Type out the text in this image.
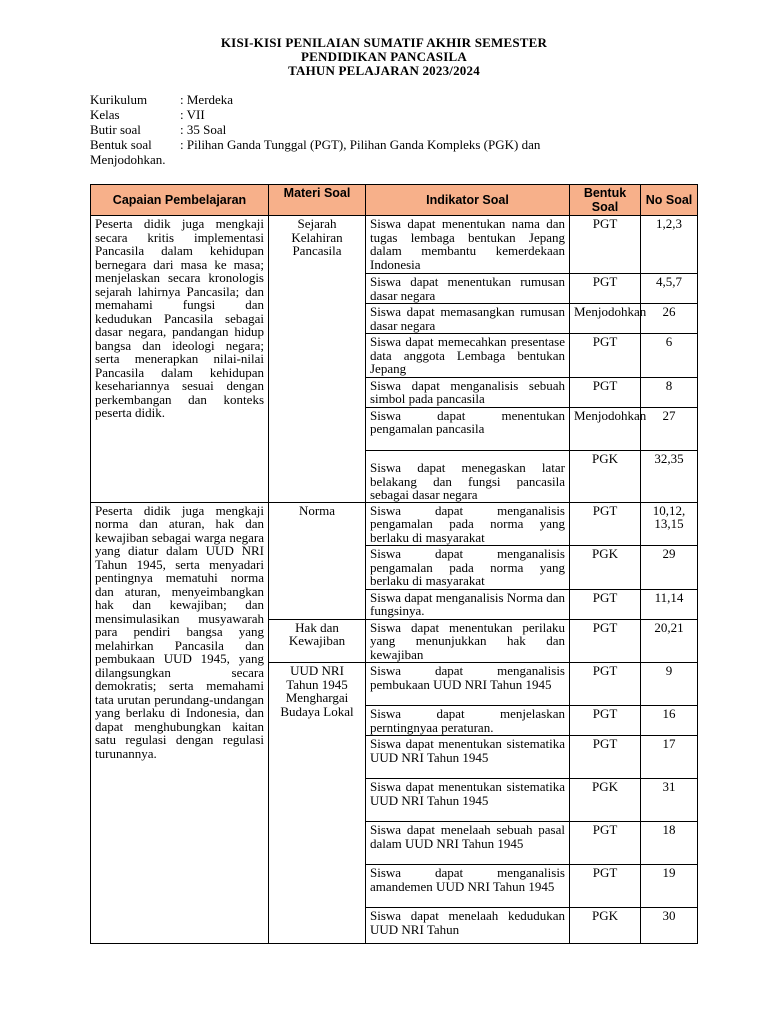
KISI-KISI PENILAIAN SUMATIF AKHIR SEMESTER
PENDIDIKAN PANCASILA
TAHUN PELAJARAN 2023/2024
Kurikulum	: Merdeka
Kelas	: VII
Butir soal	: 35 Soal
Bentuk soal	: Pilihan Ganda Tunggal (PGT), Pilihan Ganda Kompleks (PGK) dan
Menjodohkan.
Capaian Pembelajaran	Materi Soal	Indikator Soal	Bentuk Soal	No Soal
Peserta didik juga mengkaji secara kritis implementasi Pancasila dalam kehidupan bernegara dari masa ke masa; menjelaskan secara kronologis sejarah lahirnya Pancasila; dan memahami fungsi dan kedudukan Pancasila sebagai dasar negara, pandangan hidup bangsa dan ideologi negara; serta menerapkan nilai-nilai Pancasila dalam kehidupan kesehariannya sesuai dengan perkembangan dan konteks peserta didik.	Sejarah Kelahiran Pancasila	Siswa dapat menentukan nama dan tugas lembaga bentukan Jepang dalam membantu kemerdekaan Indonesia	PGT	1,2,3
		Siswa dapat menentukan rumusan dasar negara	PGT	4,5,7
		Siswa dapat memasangkan rumusan dasar negara	Menjodohkan	26
		Siswa dapat memecahkan presentase data anggota Lembaga bentukan Jepang	PGT	6
		Siswa dapat menganalisis sebuah simbol pada pancasila	PGT	8
		Siswa dapat menentukan pengamalan pancasila	Menjodohkan	27
		Siswa dapat menegaskan latar belakang dan fungsi pancasila sebagai dasar negara	PGK	32,35
Peserta didik juga mengkaji norma dan aturan, hak dan kewajiban sebagai warga negara yang diatur dalam UUD NRI Tahun 1945, serta menyadari pentingnya mematuhi norma dan aturan, menyeimbangkan hak dan kewajiban; dan mensimulasikan musyawarah para pendiri bangsa yang melahirkan Pancasila dan pembukaan UUD 1945, yang dilangsungkan secara demokratis; serta memahami tata urutan perundang-undangan yang berlaku di Indonesia, dan dapat menghubungkan kaitan satu regulasi dengan regulasi turunannya.	Norma	Siswa dapat menganalisis pengamalan pada norma yang berlaku di masyarakat	PGT	10,12, 13,15
		Siswa dapat menganalisis pengamalan pada norma yang berlaku di masyarakat	PGK	29
		Siswa dapat menganalisis Norma dan fungsinya.	PGT	11,14
	Hak dan Kewajiban	Siswa dapat menentukan perilaku yang menunjukkan hak dan kewajiban	PGT	20,21
	UUD NRI Tahun 1945 Menghargai Budaya Lokal	Siswa dapat menganalisis pembukaan UUD NRI Tahun 1945	PGT	9
		Siswa dapat menjelaskan perntingnyaa peraturan.	PGT	16
		Siswa dapat menentukan sistematika UUD NRI Tahun 1945	PGT	17
		Siswa dapat menentukan sistematika UUD NRI Tahun 1945	PGK	31
		Siswa dapat menelaah sebuah pasal dalam UUD NRI Tahun 1945	PGT	18
		Siswa dapat menganalisis amandemen UUD NRI Tahun 1945	PGT	19
		Siswa dapat menelaah kedudukan UUD NRI Tahun	PGK	30
